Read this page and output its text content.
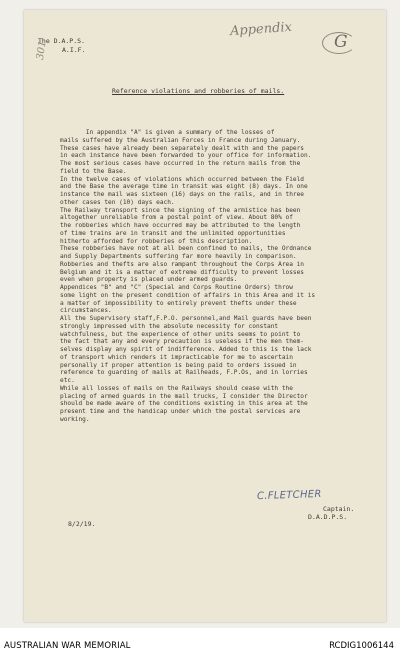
The D.A.P.S.
A.I.F.
301
Appendix
G
Reference violations and robberies of mails.
In appendix "A" is given a summary of the losses of
mails suffered by the Australian Forces in France during January.
These cases have already been separately dealt with and the papers
in each instance have been forwarded to your office for information.
The most serious cases have occurred in the return mails from the
field to the Base.
In the twelve cases of violations which occurred between the Field
and the Base the average time in transit was eight (8) days. In one
instance the mail was sixteen (16) days on the rails, and in three
other cases ten (10) days each.
The Railway transport since the signing of the armistice has been
altogether unreliable from a postal point of view. About 80% of
the robberies which have occurred may be attributed to the length
of time trains are in transit and the unlimited opportunities
hitherto afforded for robberies of this description.
These robberies have not at all been confined to mails, the Ordnance
and Supply Departments suffering far more heavily in comparison.
Robberies and thefts are also rampant throughout the Corps Area in
Belgium and it is a matter of extreme difficulty to prevent losses
even when property is placed under armed guards.
Appendices "B" and "C" (Special and Corps Routine Orders) throw
some light on the present condition of affairs in this Area and it is
a matter of impossibility to entirely prevent thefts under these
circumstances.
All the Supervisory staff,F.P.O. personnel,and Mail guards have been
strongly impressed with the absolute necessity for constant
watchfulness, but the experience of other units seems to point to
the fact that any and every precaution is useless if the men them-
selves display any spirit of indifference. Added to this is the lack
of transport which renders it impracticable for me to ascertain
personally if proper attention is being paid to orders issued in
reference to guarding of mails at Railheads, F.P.Os, and in lorries
etc.
While all losses of mails on the Railways should cease with the
placing of armed guards in the mail trucks, I consider the Director
should be made aware of the conditions existing in this area at the
present time and the handicap under which the postal services are
working.
C.FLETCHER
Captain.
D.A.D.P.S.
8/2/19.
AUSTRALIAN WAR MEMORIAL	RCDIG1006144
